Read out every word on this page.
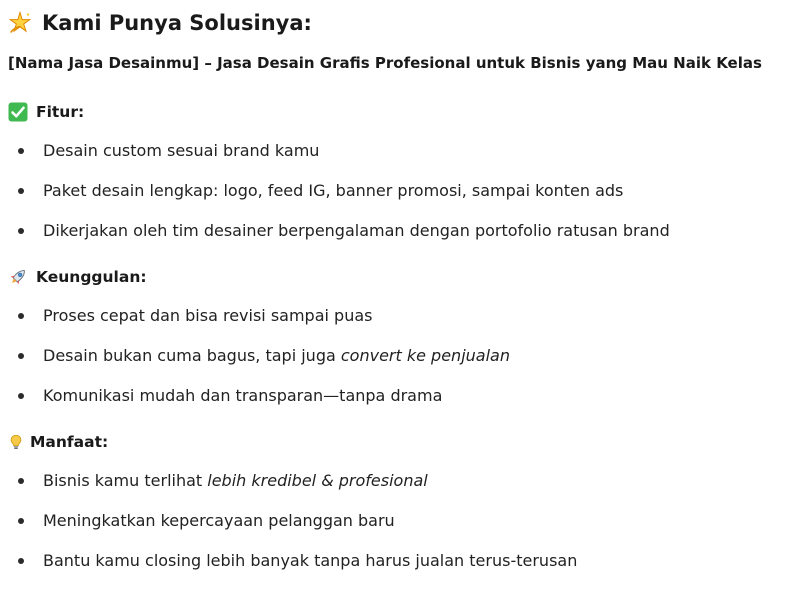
Kami Punya Solusinya:
[Nama Jasa Desainmu] – Jasa Desain Grafis Profesional untuk Bisnis yang Mau Naik Kelas
Fitur:
Desain custom sesuai brand kamu
Paket desain lengkap: logo, feed IG, banner promosi, sampai konten ads
Dikerjakan oleh tim desainer berpengalaman dengan portofolio ratusan brand
Keunggulan:
Proses cepat dan bisa revisi sampai puas
Desain bukan cuma bagus, tapi juga convert ke penjualan
Komunikasi mudah dan transparan—tanpa drama
Manfaat:
Bisnis kamu terlihat lebih kredibel & profesional
Meningkatkan kepercayaan pelanggan baru
Bantu kamu closing lebih banyak tanpa harus jualan terus-terusan
